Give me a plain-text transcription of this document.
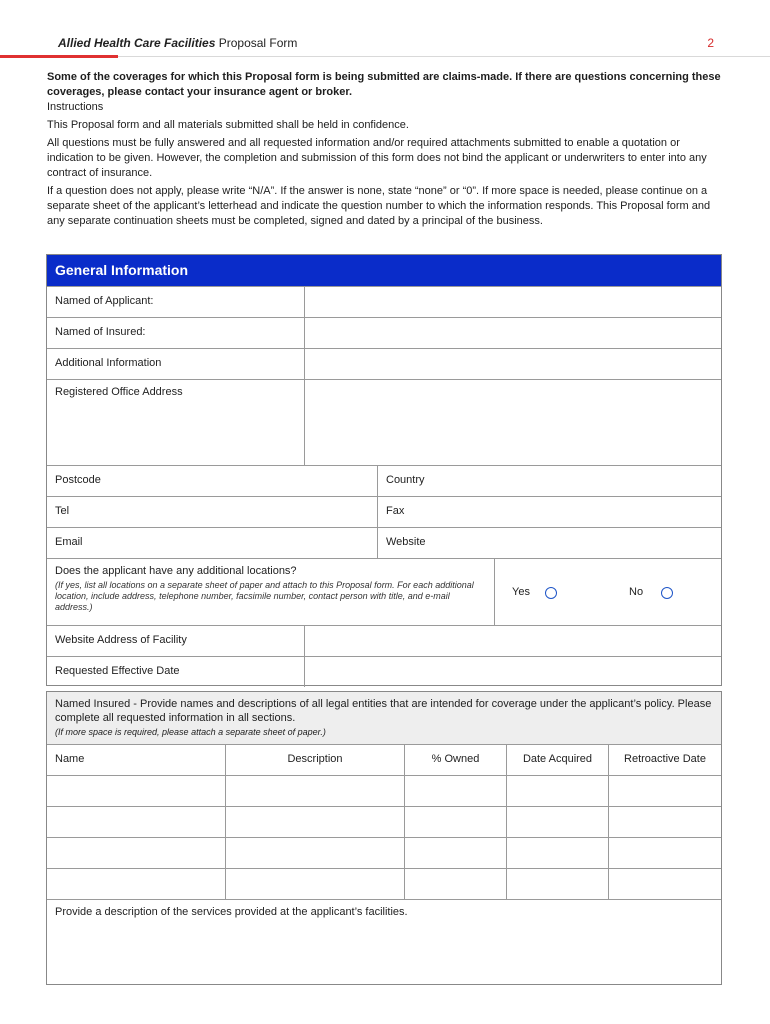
Allied Health Care Facilities Proposal Form	2

Some of the coverages for which this Proposal form is being submitted are claims-made. If there are questions concerning these coverages, please contact your insurance agent or broker.

Instructions

This Proposal form and all materials submitted shall be held in confidence.

All questions must be fully answered and all requested information and/or required attachments submitted to enable a quotation or indication to be given. However, the completion and submission of this form does not bind the applicant or underwriters to enter into any contract of insurance.

If a question does not apply, please write “N/A”. If the answer is none, state “none” or “0”. If more space is needed, please continue on a separate sheet of the applicant’s letterhead and indicate the question number to which the information responds. This Proposal form and any separate continuation sheets must be completed, signed and dated by a principal of the business.

General Information
Named of Applicant:
Named of Insured:
Additional Information
Registered Office Address
Postcode	Country
Tel	Fax
Email	Website
Does the applicant have any additional locations?
(If yes, list all locations on a separate sheet of paper and attach to this Proposal form. For each additional location, include address, telephone number, facsimile number, contact person with title, and e-mail address.)
Yes	No
Website Address of Facility
Requested Effective Date
Named Insured - Provide names and descriptions of all legal entities that are intended for coverage under the applicant’s policy. Please complete all requested information in all sections.
(If more space is required, please attach a separate sheet of paper.)
Name	Description	% Owned	Date Acquired	Retroactive Date
Provide a description of the services provided at the applicant’s facilities.
